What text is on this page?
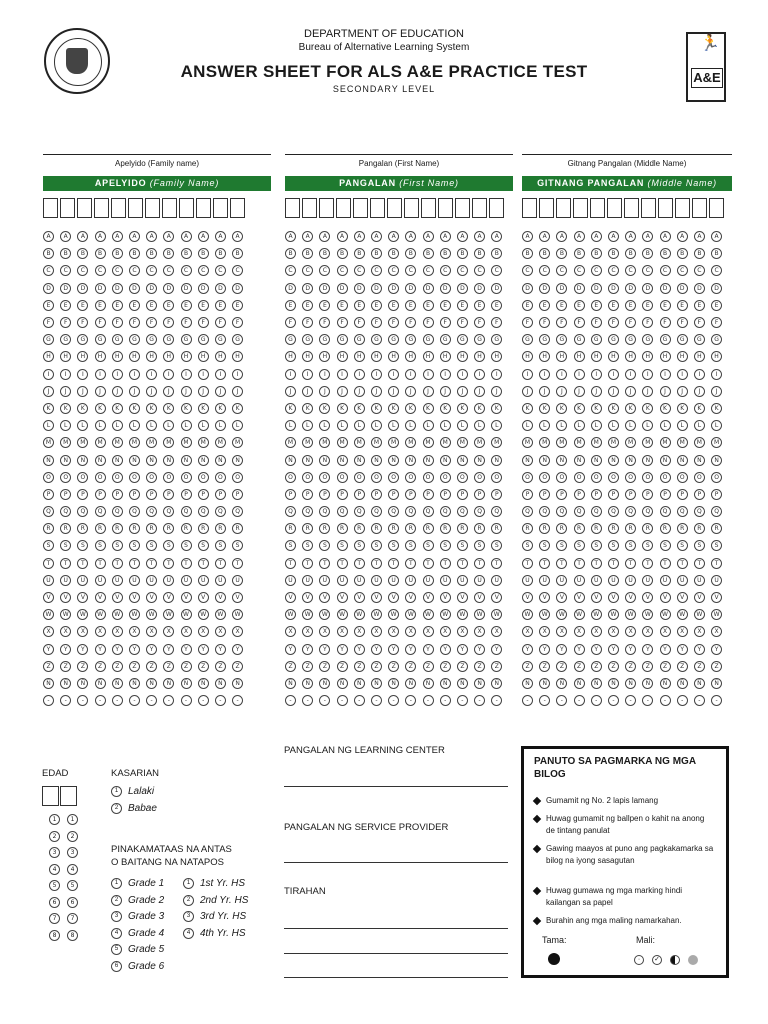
DEPARTMENT OF EDUCATION
Bureau of Alternative Learning System
ANSWER SHEET FOR ALS A&E PRACTICE TEST
SECONDARY LEVEL
🏃
A&E
Apelyido (Family name)
APELYIDO (Family Name)
A	A	A	A	A	A	A	A	A	A	A	A
B	B	B	B	B	B	B	B	B	B	B	B
C	C	C	C	C	C	C	C	C	C	C	C
D	D	D	D	D	D	D	D	D	D	D	D
E	E	E	E	E	E	E	E	E	E	E	E
F	F	F	F	F	F	F	F	F	F	F	F
G	G	G	G	G	G	G	G	G	G	G	G
H	H	H	H	H	H	H	H	H	H	H	H
I	I	I	I	I	I	I	I	I	I	I	I
J	J	J	J	J	J	J	J	J	J	J	J
K	K	K	K	K	K	K	K	K	K	K	K
L	L	L	L	L	L	L	L	L	L	L	L
M	M	M	M	M	M	M	M	M	M	M	M
N	N	N	N	N	N	N	N	N	N	N	N
O	O	O	O	O	O	O	O	O	O	O	O
P	P	P	P	P	P	P	P	P	P	P	P
Q	Q	Q	Q	Q	Q	Q	Q	Q	Q	Q	Q
R	R	R	R	R	R	R	R	R	R	R	R
S	S	S	S	S	S	S	S	S	S	S	S
T	T	T	T	T	T	T	T	T	T	T	T
U	U	U	U	U	U	U	U	U	U	U	U
V	V	V	V	V	V	V	V	V	V	V	V
W	W	W	W	W	W	W	W	W	W	W	W
X	X	X	X	X	X	X	X	X	X	X	X
Y	Y	Y	Y	Y	Y	Y	Y	Y	Y	Y	Y
Z	Z	Z	Z	Z	Z	Z	Z	Z	Z	Z	Z
Ñ	Ñ	Ñ	Ñ	Ñ	Ñ	Ñ	Ñ	Ñ	Ñ	Ñ	Ñ
-	-	-	-	-	-	-	-	-	-	-	-
Pangalan (First Name)
PANGALAN (First Name)
A	A	A	A	A	A	A	A	A	A	A	A	A
B	B	B	B	B	B	B	B	B	B	B	B	B
C	C	C	C	C	C	C	C	C	C	C	C	C
D	D	D	D	D	D	D	D	D	D	D	D	D
E	E	E	E	E	E	E	E	E	E	E	E	E
F	F	F	F	F	F	F	F	F	F	F	F	F
G	G	G	G	G	G	G	G	G	G	G	G	G
H	H	H	H	H	H	H	H	H	H	H	H	H
I	I	I	I	I	I	I	I	I	I	I	I	I
J	J	J	J	J	J	J	J	J	J	J	J	J
K	K	K	K	K	K	K	K	K	K	K	K	K
L	L	L	L	L	L	L	L	L	L	L	L	L
M	M	M	M	M	M	M	M	M	M	M	M	M
N	N	N	N	N	N	N	N	N	N	N	N	N
O	O	O	O	O	O	O	O	O	O	O	O	O
P	P	P	P	P	P	P	P	P	P	P	P	P
Q	Q	Q	Q	Q	Q	Q	Q	Q	Q	Q	Q	Q
R	R	R	R	R	R	R	R	R	R	R	R	R
S	S	S	S	S	S	S	S	S	S	S	S	S
T	T	T	T	T	T	T	T	T	T	T	T	T
U	U	U	U	U	U	U	U	U	U	U	U	U
V	V	V	V	V	V	V	V	V	V	V	V	V
W	W	W	W	W	W	W	W	W	W	W	W	W
X	X	X	X	X	X	X	X	X	X	X	X	X
Y	Y	Y	Y	Y	Y	Y	Y	Y	Y	Y	Y	Y
Z	Z	Z	Z	Z	Z	Z	Z	Z	Z	Z	Z	Z
Ñ	Ñ	Ñ	Ñ	Ñ	Ñ	Ñ	Ñ	Ñ	Ñ	Ñ	Ñ	Ñ
-	-	-	-	-	-	-	-	-	-	-	-	-
Gitnang Pangalan (Middle Name)
GITNANG PANGALAN (Middle Name)
A	A	A	A	A	A	A	A	A	A	A	A
B	B	B	B	B	B	B	B	B	B	B	B
C	C	C	C	C	C	C	C	C	C	C	C
D	D	D	D	D	D	D	D	D	D	D	D
E	E	E	E	E	E	E	E	E	E	E	E
F	F	F	F	F	F	F	F	F	F	F	F
G	G	G	G	G	G	G	G	G	G	G	G
H	H	H	H	H	H	H	H	H	H	H	H
I	I	I	I	I	I	I	I	I	I	I	I
J	J	J	J	J	J	J	J	J	J	J	J
K	K	K	K	K	K	K	K	K	K	K	K
L	L	L	L	L	L	L	L	L	L	L	L
M	M	M	M	M	M	M	M	M	M	M	M
N	N	N	N	N	N	N	N	N	N	N	N
O	O	O	O	O	O	O	O	O	O	O	O
P	P	P	P	P	P	P	P	P	P	P	P
Q	Q	Q	Q	Q	Q	Q	Q	Q	Q	Q	Q
R	R	R	R	R	R	R	R	R	R	R	R
S	S	S	S	S	S	S	S	S	S	S	S
T	T	T	T	T	T	T	T	T	T	T	T
U	U	U	U	U	U	U	U	U	U	U	U
V	V	V	V	V	V	V	V	V	V	V	V
W	W	W	W	W	W	W	W	W	W	W	W
X	X	X	X	X	X	X	X	X	X	X	X
Y	Y	Y	Y	Y	Y	Y	Y	Y	Y	Y	Y
Z	Z	Z	Z	Z	Z	Z	Z	Z	Z	Z	Z
Ñ	Ñ	Ñ	Ñ	Ñ	Ñ	Ñ	Ñ	Ñ	Ñ	Ñ	Ñ
-	-	-	-	-	-	-	-	-	-	-	-
EDAD
1	1
2	2
3	3
4	4
5	5
6	6
7	7
8	8
KASARIAN
1 Lalaki
2 Babae
PINAKAMATAAS NA ANTAS
O BAITANG NA NATAPOS
1 Grade 1
2 Grade 2
3 Grade 3
4 Grade 4
5 Grade 5
6 Grade 6
1 1st Yr. HS
2 2nd Yr. HS
3 3rd Yr. HS
4 4th Yr. HS
PANGALAN NG LEARNING CENTER
PANGALAN NG SERVICE PROVIDER
TIRAHAN
PANUTO SA PAGMARKA NG MGA
BILOG
Gumamit ng No. 2 lapis lamang
Huwag gumamit ng ballpen o kahit na anong de tintang panulat
Gawing maayos at puno ang pagkakamarka sa bilog na iyong sasagutan
Huwag gumawa ng mga marking hindi kailangan sa papel
Burahin ang mga maling namarkahan.
Tama:	Mali:
·	✓
